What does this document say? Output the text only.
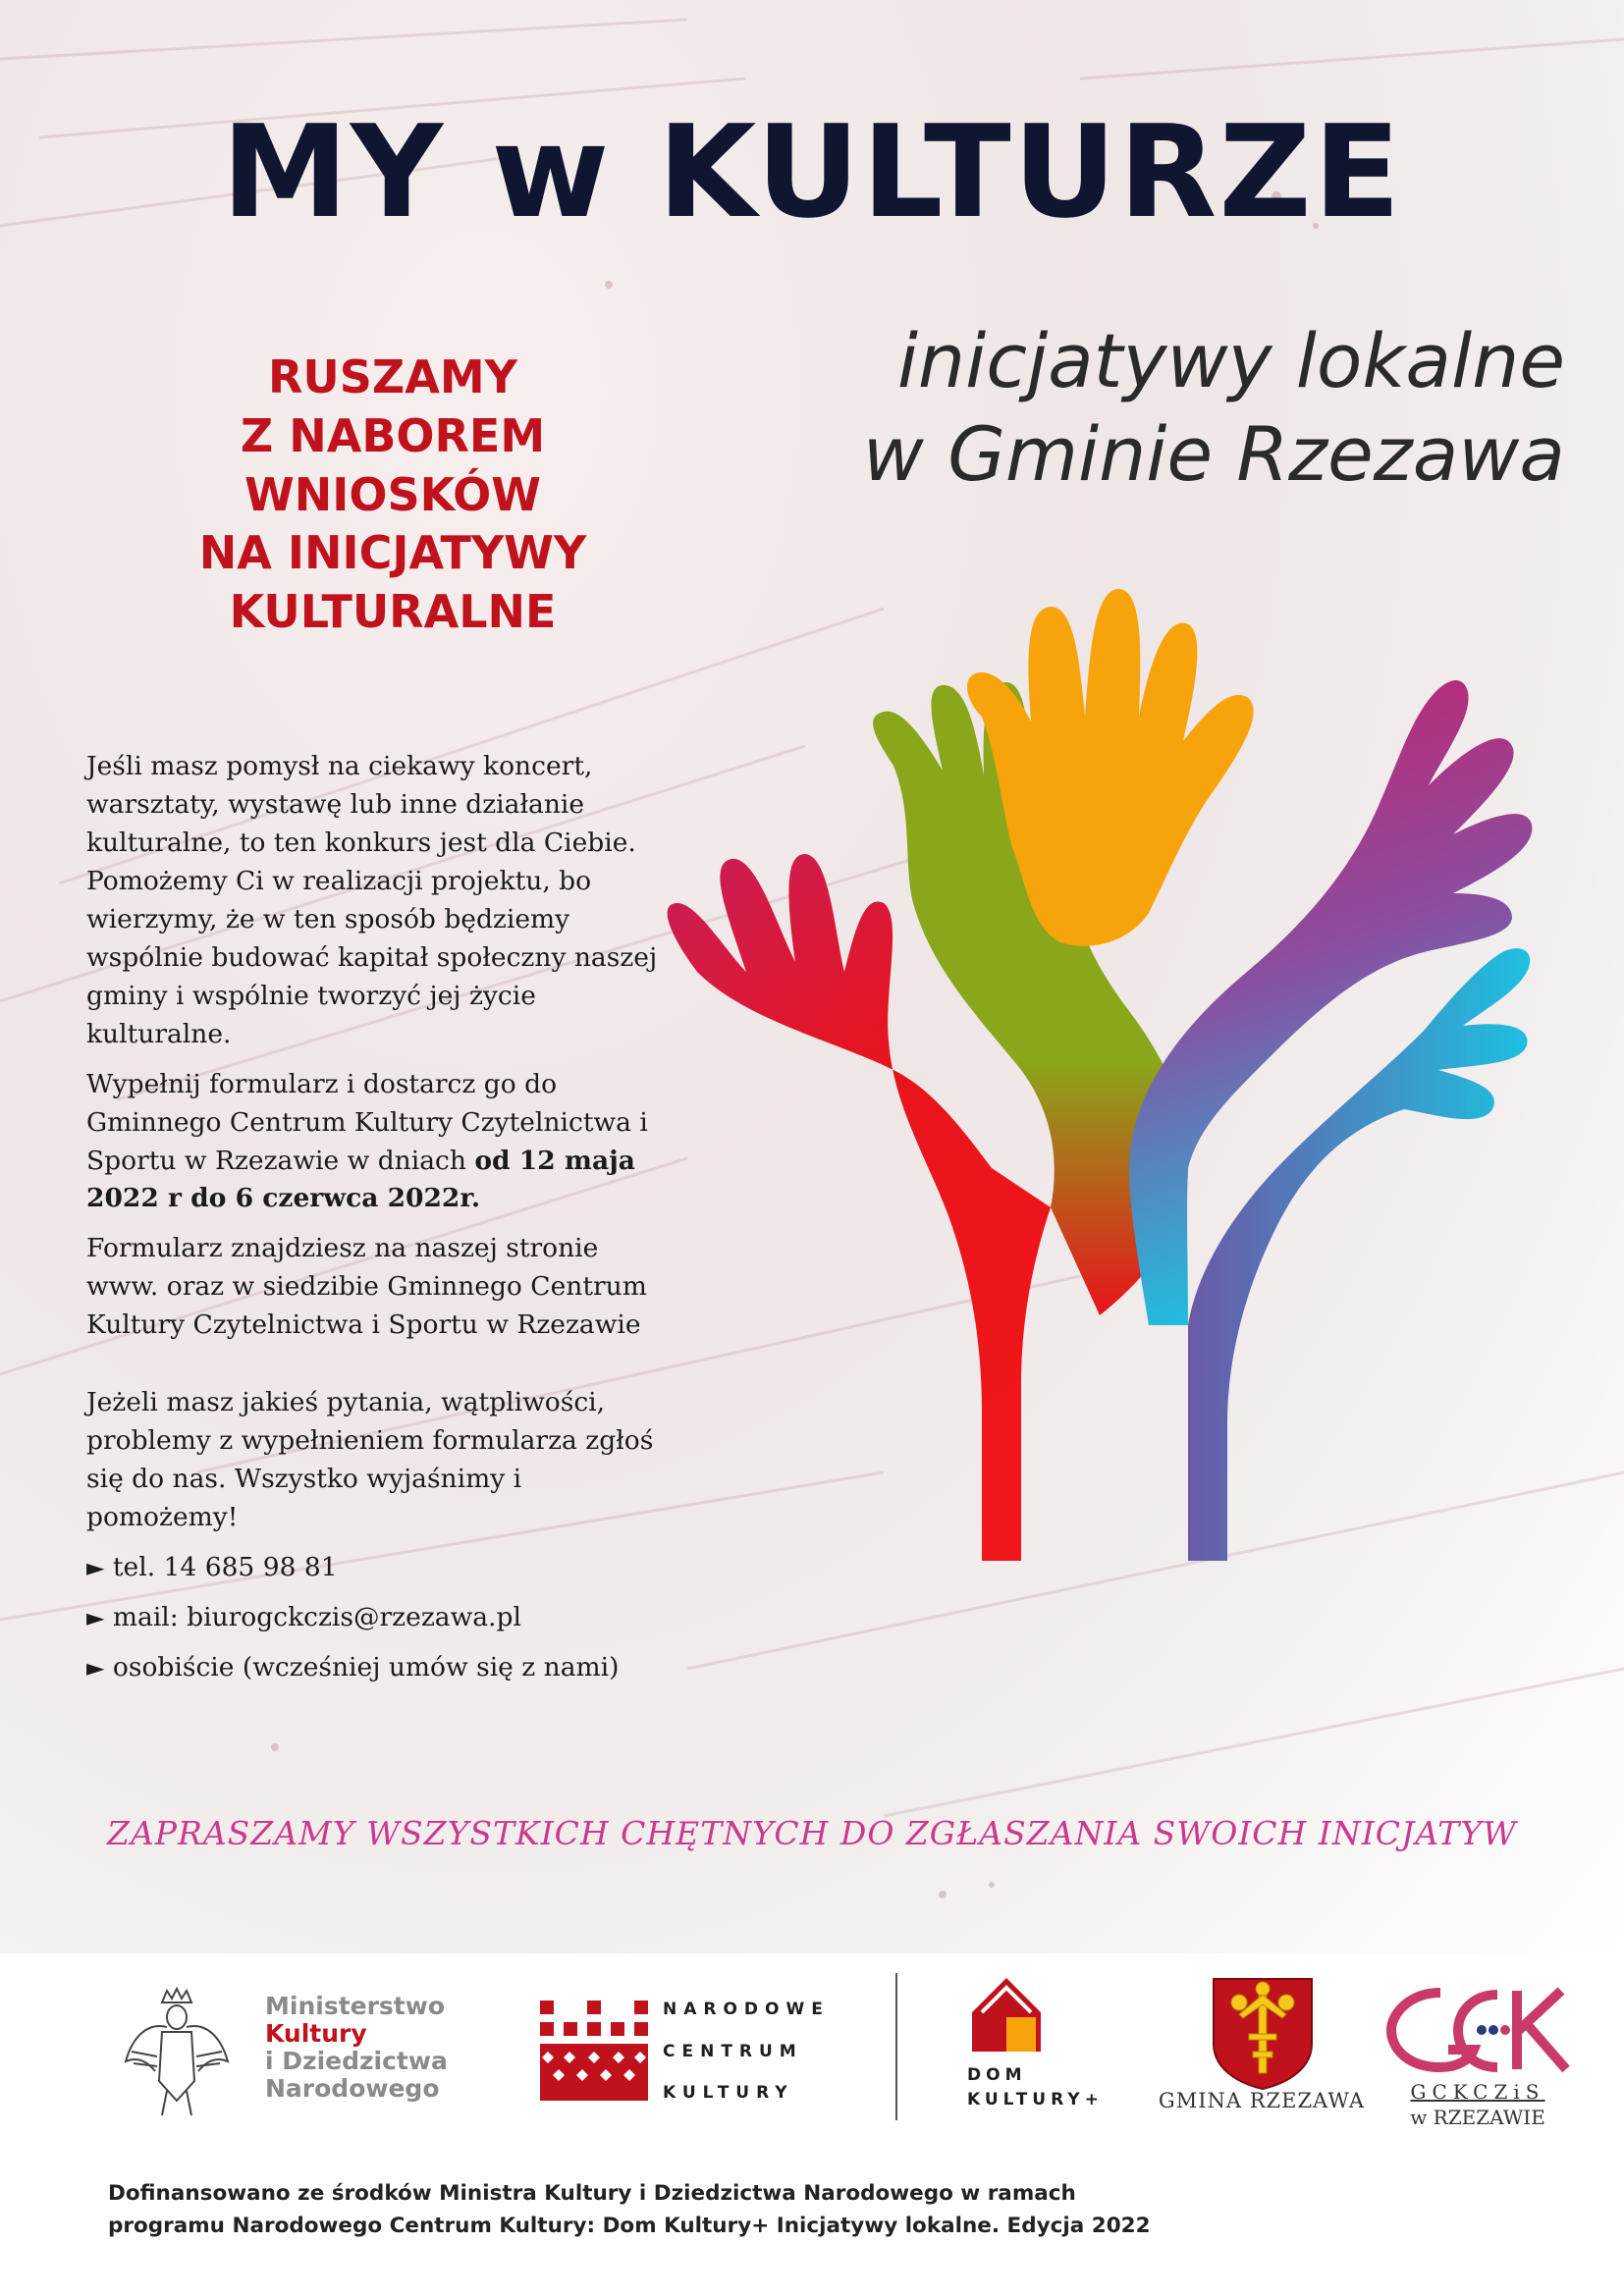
MY w KULTURZE
inicjatywy lokalne
w Gminie Rzezawa
RUSZAMY
Z NABOREM
WNIOSKÓW
NA INICJATYWY
KULTURALNE

Jeśli masz pomysł na ciekawy koncert, warsztaty, wystawę lub inne działanie kulturalne, to ten konkurs jest dla Ciebie. Pomożemy Ci w realizacji projektu, bo wierzymy, że w ten sposób będziemy wspólnie budować kapitał społeczny naszej gminy i wspólnie tworzyć jej życie kulturalne.

Wypełnij formularz i dostarcz go do Gminnego Centrum Kultury Czytelnictwa i Sportu w Rzezawie w dniach od 12 maja 2022 r do 6 czerwca 2022r.

Formularz znajdziesz na naszej stronie www. oraz w siedzibie Gminnego Centrum Kultury Czytelnictwa i Sportu w Rzezawie

Jeżeli masz jakieś pytania, wątpliwości, problemy z wypełnieniem formularza zgłoś się do nas. Wszystko wyjaśnimy i pomożemy!

► tel. 14 685 98 81
► mail: biurogckczis@rzezawa.pl
► osobiście (wcześniej umów się z nami)

ZAPRASZAMY WSZYSTKICH CHĘTNYCH DO ZGŁASZANIA SWOICH INICJATYW

Ministerstwo
Kultury
i Dziedzictwa
Narodowego
NARODOWE
CENTRUM
KULTURY
DOM
KULTURY+	GMINA RZEZAWA	GCKCZiS
w RZEZAWIE
Dofinansowano ze środków Ministra Kultury i Dziedzictwa Narodowego w ramach
programu Narodowego Centrum Kultury: Dom Kultury+ Inicjatywy lokalne. Edycja 2022
